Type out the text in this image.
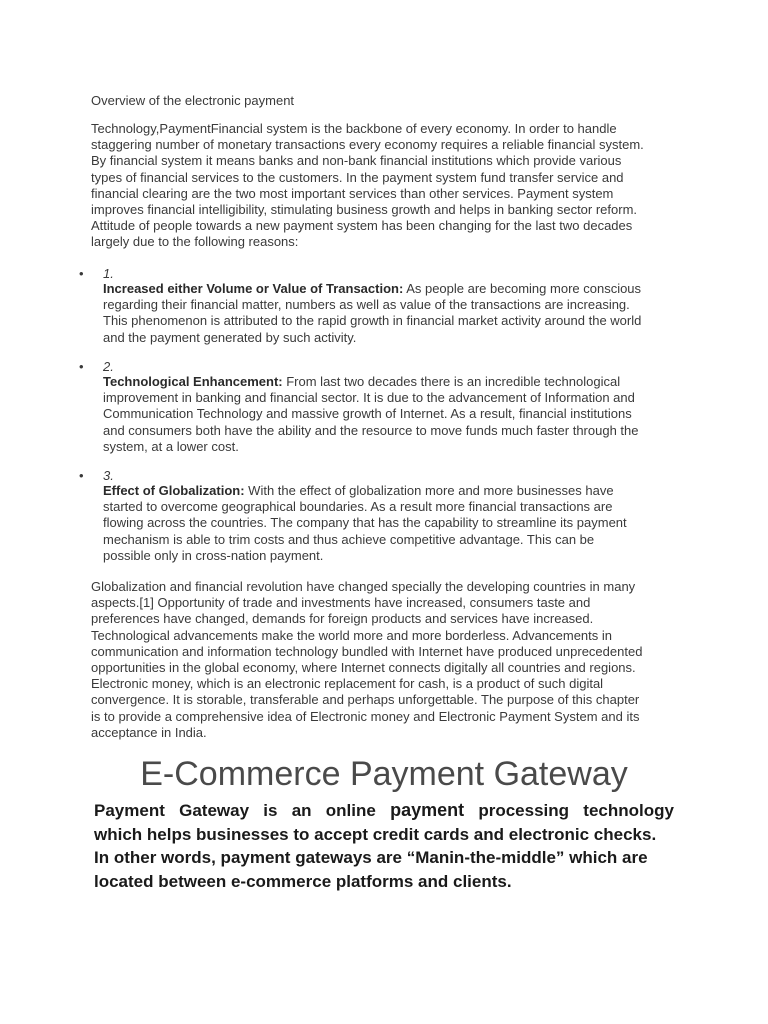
Overview of the electronic payment

Technology,PaymentFinancial system is the backbone of every economy. In order to handle
staggering number of monetary transactions every economy requires a reliable financial system.
By financial system it means banks and non-bank financial institutions which provide various
types of financial services to the customers. In the payment system fund transfer service and
financial clearing are the two most important services than other services. Payment system
improves financial intelligibility, stimulating business growth and helps in banking sector reform.
Attitude of people towards a new payment system has been changing for the last two decades
largely due to the following reasons:

• 1.

Increased either Volume or Value of Transaction: As people are becoming more conscious
regarding their financial matter, numbers as well as value of the transactions are increasing.
This phenomenon is attributed to the rapid growth in financial market activity around the world
and the payment generated by such activity.

• 2.

Technological Enhancement: From last two decades there is an incredible technological
improvement in banking and financial sector. It is due to the advancement of Information and
Communication Technology and massive growth of Internet. As a result, financial institutions
and consumers both have the ability and the resource to move funds much faster through the
system, at a lower cost.

• 3.

Effect of Globalization: With the effect of globalization more and more businesses have
started to overcome geographical boundaries. As a result more financial transactions are
flowing across the countries. The company that has the capability to streamline its payment
mechanism is able to trim costs and thus achieve competitive advantage. This can be
possible only in cross-nation payment.

Globalization and financial revolution have changed specially the developing countries in many
aspects.[1] Opportunity of trade and investments have increased, consumers taste and
preferences have changed, demands for foreign products and services have increased.
Technological advancements make the world more and more borderless. Advancements in
communication and information technology bundled with Internet have produced unprecedented
opportunities in the global economy, where Internet connects digitally all countries and regions.
Electronic money, which is an electronic replacement for cash, is a product of such digital
convergence. It is storable, transferable and perhaps unforgettable. The purpose of this chapter
is to provide a comprehensive idea of Electronic money and Electronic Payment System and its
acceptance in India.

E-Commerce Payment Gateway
Payment Gateway is an online payment processing technology
which helps businesses to accept credit cards and electronic checks.
In other words, payment gateways are “Manin-the-middle” which are
located between e-commerce platforms and clients.
